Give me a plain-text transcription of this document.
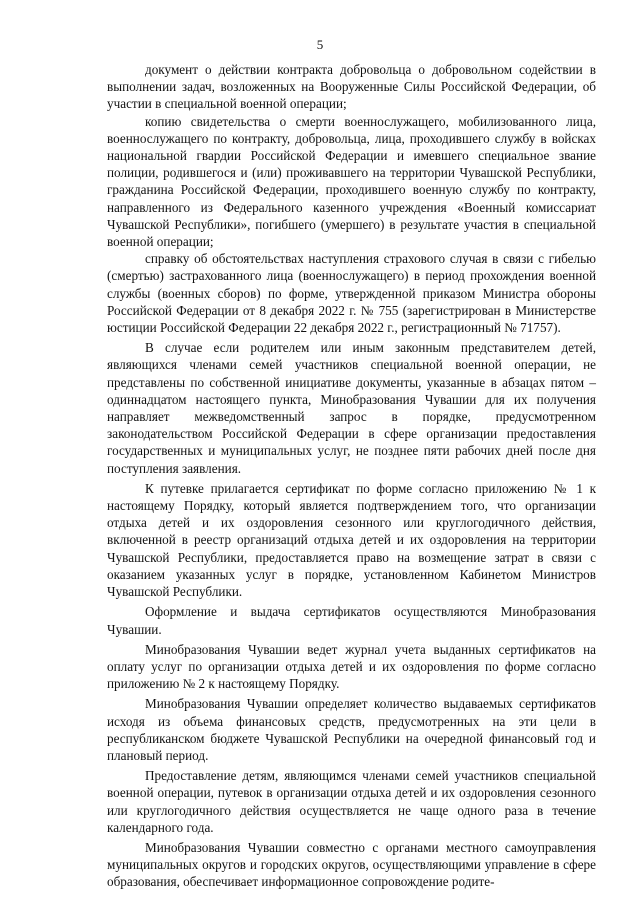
5

документ о действии контракта добровольца о добровольном содействии в выполнении задач, возложенных на Вооруженные Силы Российской Федерации, об участии в специальной военной операции;

копию свидетельства о смерти военнослужащего, мобилизованного лица, военнослужащего по контракту, добровольца, лица, проходившего службу в войсках национальной гвардии Российской Федерации и имевшего специальное звание полиции, родившегося и (или) проживавшего на территории Чувашской Республики, гражданина Российской Федерации, проходившего военную службу по контракту, направленного из Федерального казенного учреждения «Военный комиссариат Чувашской Республики», погибшего (умершего) в результате участия в специальной военной операции;

справку об обстоятельствах наступления страхового случая в связи с гибелью (смертью) застрахованного лица (военнослужащего) в период прохождения военной службы (военных сборов) по форме, утвержденной приказом Министра обороны Российской Федерации от 8 декабря 2022 г. № 755 (зарегистрирован в Министерстве юстиции Российской Федерации 22 декабря 2022 г., регистрационный № 71757).

В случае если родителем или иным законным представителем детей, являющихся членами семей участников специальной военной операции, не представлены по собственной инициативе документы, указанные в абзацах пятом – одиннадцатом настоящего пункта, Минобразования Чувашии для их получения направляет межведомственный запрос в порядке, предусмотренном законодательством Российской Федерации в сфере организации предоставления государственных и муниципальных услуг, не позднее пяти рабочих дней после дня поступления заявления.

К путевке прилагается сертификат по форме согласно приложению № 1 к настоящему Порядку, который является подтверждением того, что организации отдыха детей и их оздоровления сезонного или круглогодичного действия, включенной в реестр организаций отдыха детей и их оздоровления на территории Чувашской Республики, предоставляется право на возмещение затрат в связи с оказанием указанных услуг в порядке, установленном Кабинетом Министров Чувашской Республики.

Оформление и выдача сертификатов осуществляются Минобразования Чувашии.

Минобразования Чувашии ведет журнал учета выданных сертификатов на оплату услуг по организации отдыха детей и их оздоровления по форме согласно приложению № 2 к настоящему Порядку.

Минобразования Чувашии определяет количество выдаваемых сертификатов исходя из объема финансовых средств, предусмотренных на эти цели в республиканском бюджете Чувашской Республики на очередной финансовый год и плановый период.

Предоставление детям, являющимся членами семей участников специальной военной операции, путевок в организации отдыха детей и их оздоровления сезонного или круглогодичного действия осуществляется не чаще одного раза в течение календарного года.

Минобразования Чувашии совместно с органами местного самоуправления муниципальных округов и городских округов, осуществляющими управление в сфере образования, обеспечивает информационное сопровождение родите-
